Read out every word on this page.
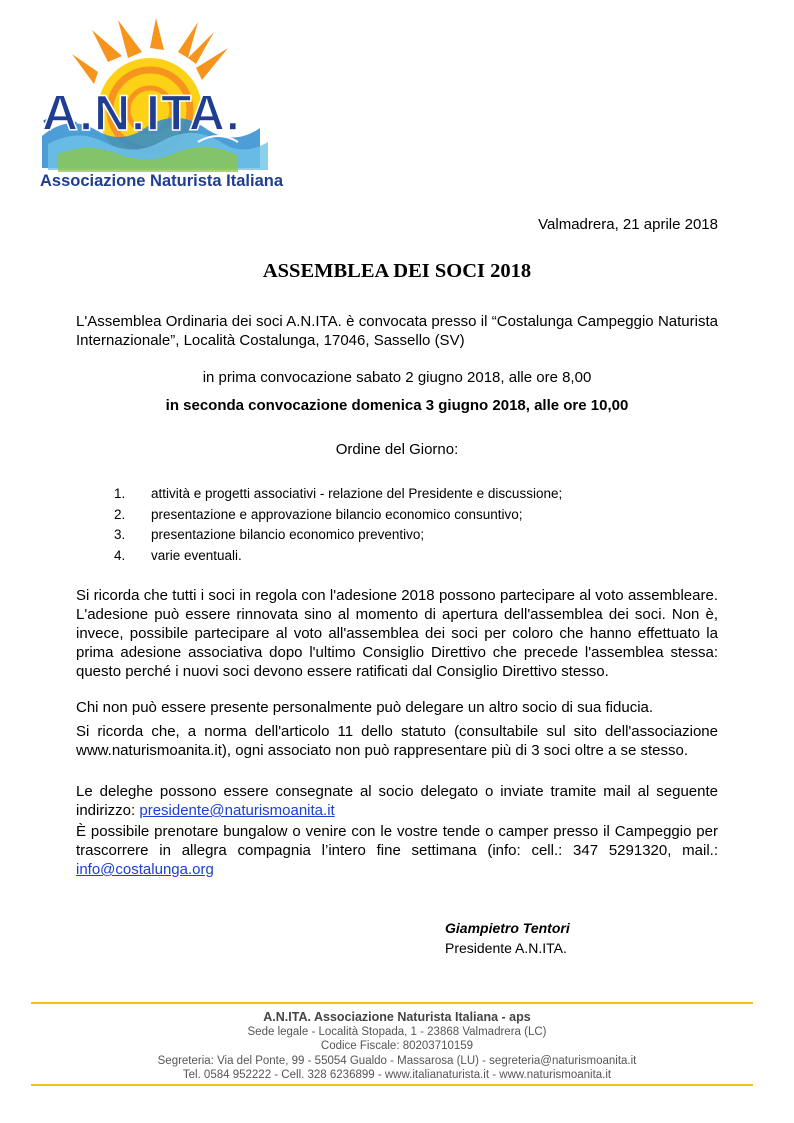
A.N.ITA.
Associazione Naturista Italiana
Valmadrera, 21 aprile 2018
ASSEMBLEA DEI SOCI 2018
L'Assemblea Ordinaria dei soci A.N.ITA. è convocata presso il “Costalunga Campeggio Naturista Internazionale”, Località Costalunga, 17046, Sassello (SV)
in prima convocazione sabato 2 giugno 2018, alle ore 8,00
in seconda convocazione domenica 3 giugno 2018, alle ore 10,00
Ordine del Giorno:
1. attività e progetti associativi - relazione del Presidente e discussione;
2. presentazione e approvazione bilancio economico consuntivo;
3. presentazione bilancio economico preventivo;
4. varie eventuali.
Si ricorda che tutti i soci in regola con l'adesione 2018 possono partecipare al voto assembleare. L'adesione può essere rinnovata sino al momento di apertura dell'assemblea dei soci. Non è, invece, possibile partecipare al voto all'assemblea dei soci per coloro che hanno effettuato la prima adesione associativa dopo l'ultimo Consiglio Direttivo che precede l'assemblea stessa: questo perché i nuovi soci devono essere ratificati dal Consiglio Direttivo stesso.
Chi non può essere presente personalmente può delegare un altro socio di sua fiducia.
Si ricorda che, a norma dell'articolo 11 dello statuto (consultabile sul sito dell'associazione www.naturismoanita.it), ogni associato non può rappresentare più di 3 soci oltre a se stesso.
Le deleghe possono essere consegnate al socio delegato o inviate tramite mail al seguente indirizzo: presidente@naturismoanita.it
È possibile prenotare bungalow o venire con le vostre tende o camper presso il Campeggio per trascorrere in allegra compagnia l’intero fine settimana (info: cell.: 347 5291320, mail.: info@costalunga.org
Giampietro Tentori
Presidente A.N.ITA.
A.N.ITA. Associazione Naturista Italiana - aps
Sede legale - Località Stopada, 1 - 23868 Valmadrera (LC)
Codice Fiscale: 80203710159
Segreteria: Via del Ponte, 99 - 55054 Gualdo - Massarosa (LU) - segreteria@naturismoanita.it
Tel. 0584 952222 - Cell. 328 6236899 - www.italianaturista.it - www.naturismoanita.it
